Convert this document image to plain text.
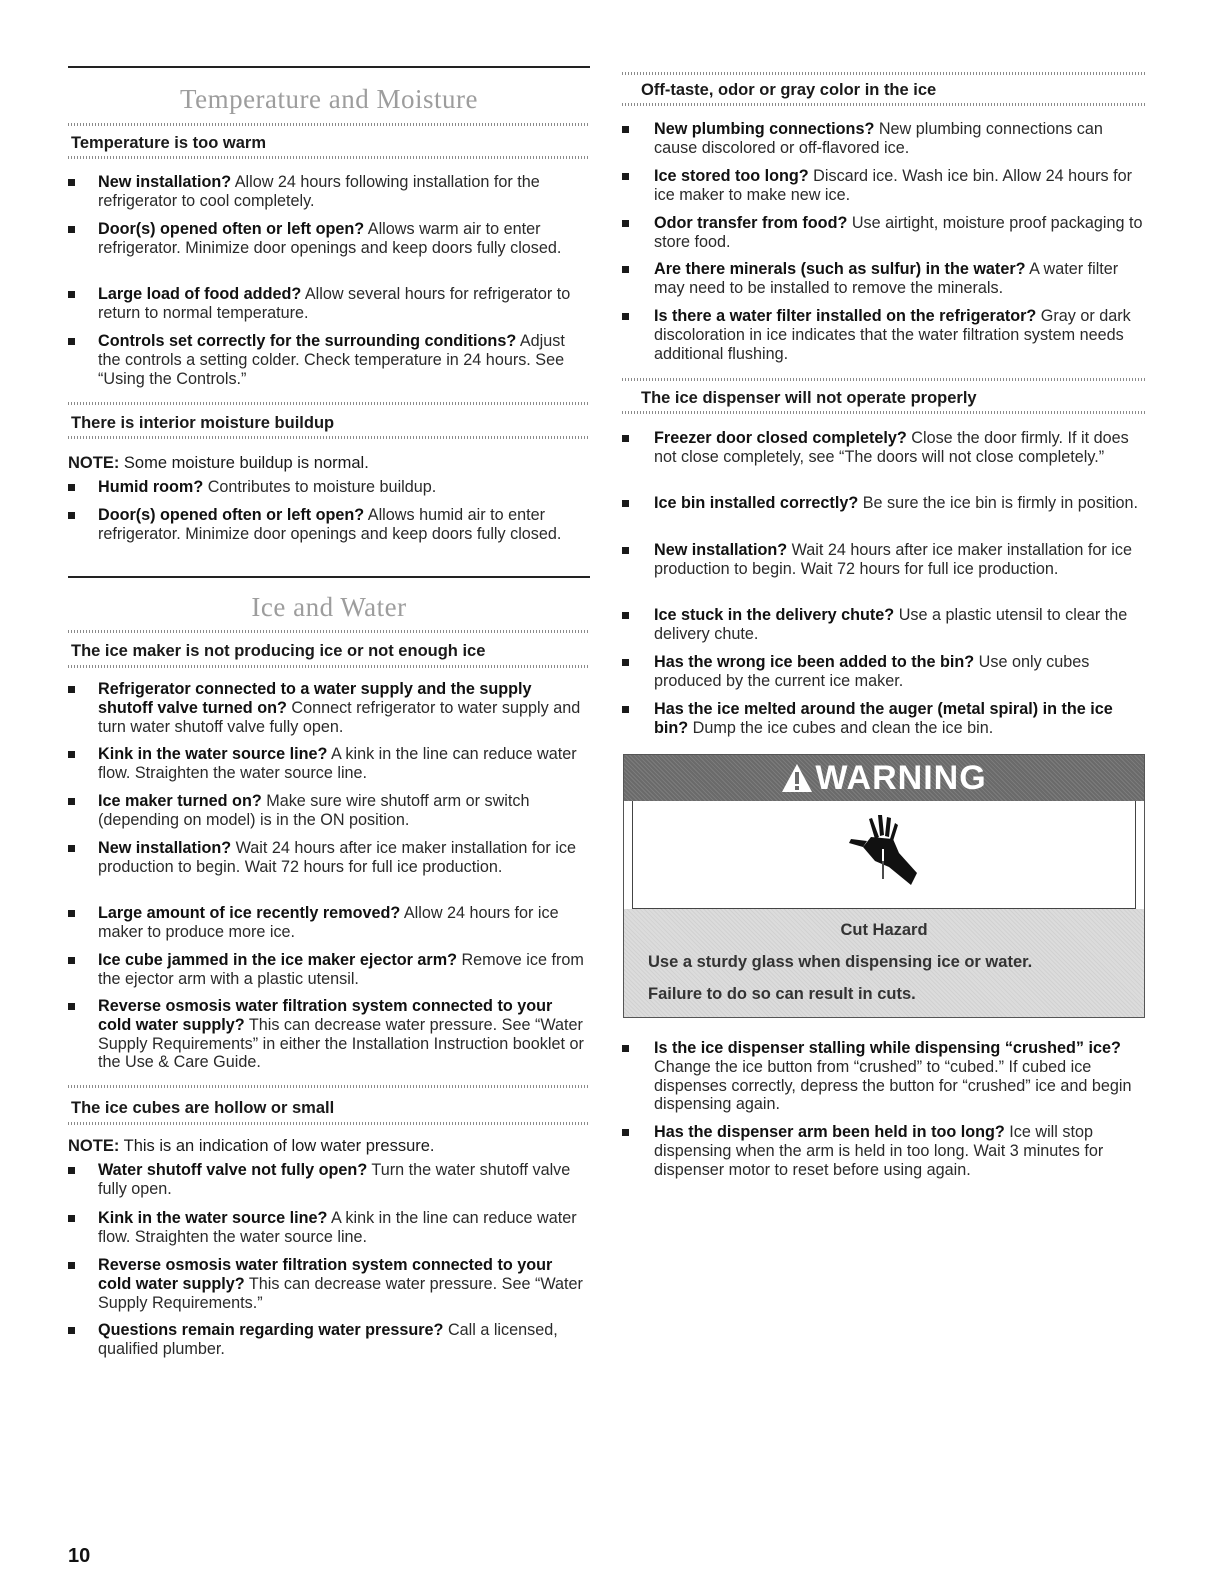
Temperature and Moisture
Temperature is too warm
New installation? Allow 24 hours following installation for the refrigerator to cool completely.
Door(s) opened often or left open? Allows warm air to enter refrigerator. Minimize door openings and keep doors fully closed.
Large load of food added? Allow several hours for refrigerator to return to normal temperature.
Controls set correctly for the surrounding conditions? Adjust the controls a setting colder. Check temperature in 24 hours. See “Using the Controls.”
There is interior moisture buildup
NOTE: Some moisture buildup is normal.
Humid room? Contributes to moisture buildup.
Door(s) opened often or left open? Allows humid air to enter refrigerator. Minimize door openings and keep doors fully closed.
Ice and Water
The ice maker is not producing ice or not enough ice
Refrigerator connected to a water supply and the supply shutoff valve turned on? Connect refrigerator to water supply and turn water shutoff valve fully open.
Kink in the water source line? A kink in the line can reduce water flow. Straighten the water source line.
Ice maker turned on? Make sure wire shutoff arm or switch (depending on model) is in the ON position.
New installation? Wait 24 hours after ice maker installation for ice production to begin. Wait 72 hours for full ice production.
Large amount of ice recently removed? Allow 24 hours for ice maker to produce more ice.
Ice cube jammed in the ice maker ejector arm? Remove ice from the ejector arm with a plastic utensil.
Reverse osmosis water filtration system connected to your cold water supply? This can decrease water pressure. See “Water Supply Requirements” in either the Installation Instruction booklet or the Use & Care Guide.
The ice cubes are hollow or small
NOTE: This is an indication of low water pressure.
Water shutoff valve not fully open? Turn the water shutoff valve fully open.
Kink in the water source line? A kink in the line can reduce water flow. Straighten the water source line.
Reverse osmosis water filtration system connected to your cold water supply? This can decrease water pressure. See “Water Supply Requirements.”
Questions remain regarding water pressure? Call a licensed, qualified plumber.
Off-taste, odor or gray color in the ice
New plumbing connections? New plumbing connections can cause discolored or off-flavored ice.
Ice stored too long? Discard ice. Wash ice bin. Allow 24 hours for ice maker to make new ice.
Odor transfer from food? Use airtight, moisture proof packaging to store food.
Are there minerals (such as sulfur) in the water? A water filter may need to be installed to remove the minerals.
Is there a water filter installed on the refrigerator? Gray or dark discoloration in ice indicates that the water filtration system needs additional flushing.
The ice dispenser will not operate properly
Freezer door closed completely? Close the door firmly. If it does not close completely, see “The doors will not close completely.”
Ice bin installed correctly? Be sure the ice bin is firmly in position.
New installation? Wait 24 hours after ice maker installation for ice production to begin. Wait 72 hours for full ice production.
Ice stuck in the delivery chute? Use a plastic utensil to clear the delivery chute.
Has the wrong ice been added to the bin? Use only cubes produced by the current ice maker.
Has the ice melted around the auger (metal spiral) in the ice bin? Dump the ice cubes and clean the ice bin.
Is the ice dispenser stalling while dispensing “crushed” ice? Change the ice button from “crushed” to “cubed.” If cubed ice dispenses correctly, depress the button for “crushed” ice and begin dispensing again.
Has the dispenser arm been held in too long? Ice will stop dispensing when the arm is held in too long. Wait 3 minutes for dispenser motor to reset before using again.
WARNING
Cut Hazard
Use a sturdy glass when dispensing ice or water.
Failure to do so can result in cuts.
10
